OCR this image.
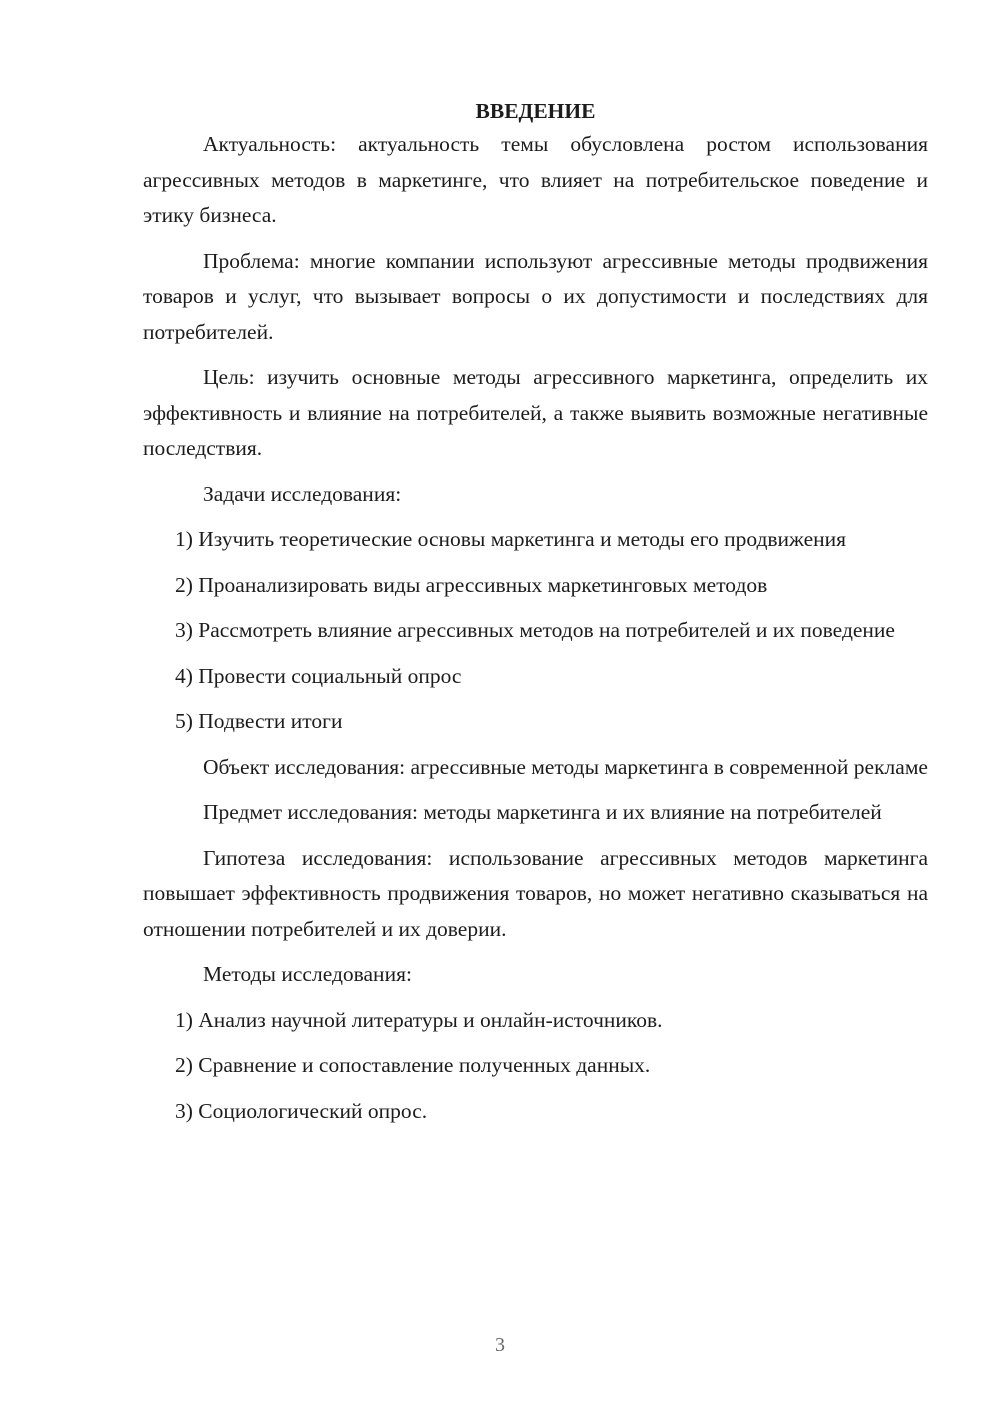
ВВЕДЕНИЕ

Актуальность: актуальность темы обусловлена ростом использования агрессивных методов в маркетинге, что влияет на потребительское поведение и этику бизнеса.

Проблема: многие компании используют агрессивные методы продвижения товаров и услуг, что вызывает вопросы о их допустимости и последствиях для потребителей.

Цель: изучить основные методы агрессивного маркетинга, определить их эффективность и влияние на потребителей, а также выявить возможные негативные последствия.

Задачи исследования:

1) Изучить теоретические основы маркетинга и методы его продвижения

2) Проанализировать виды агрессивных маркетинговых методов

3) Рассмотреть влияние агрессивных методов на потребителей и их поведение

4) Провести социальный опрос

5) Подвести итоги

Объект исследования: агрессивные методы маркетинга в современной рекламе

Предмет исследования: методы маркетинга и их влияние на потребителей

Гипотеза исследования: использование агрессивных методов маркетинга повышает эффективность продвижения товаров, но может негативно сказываться на отношении потребителей и их доверии.

Методы исследования:

1) Анализ научной литературы и онлайн-источников.

2) Сравнение и сопоставление полученных данных.

3) Социологический опрос.

3
